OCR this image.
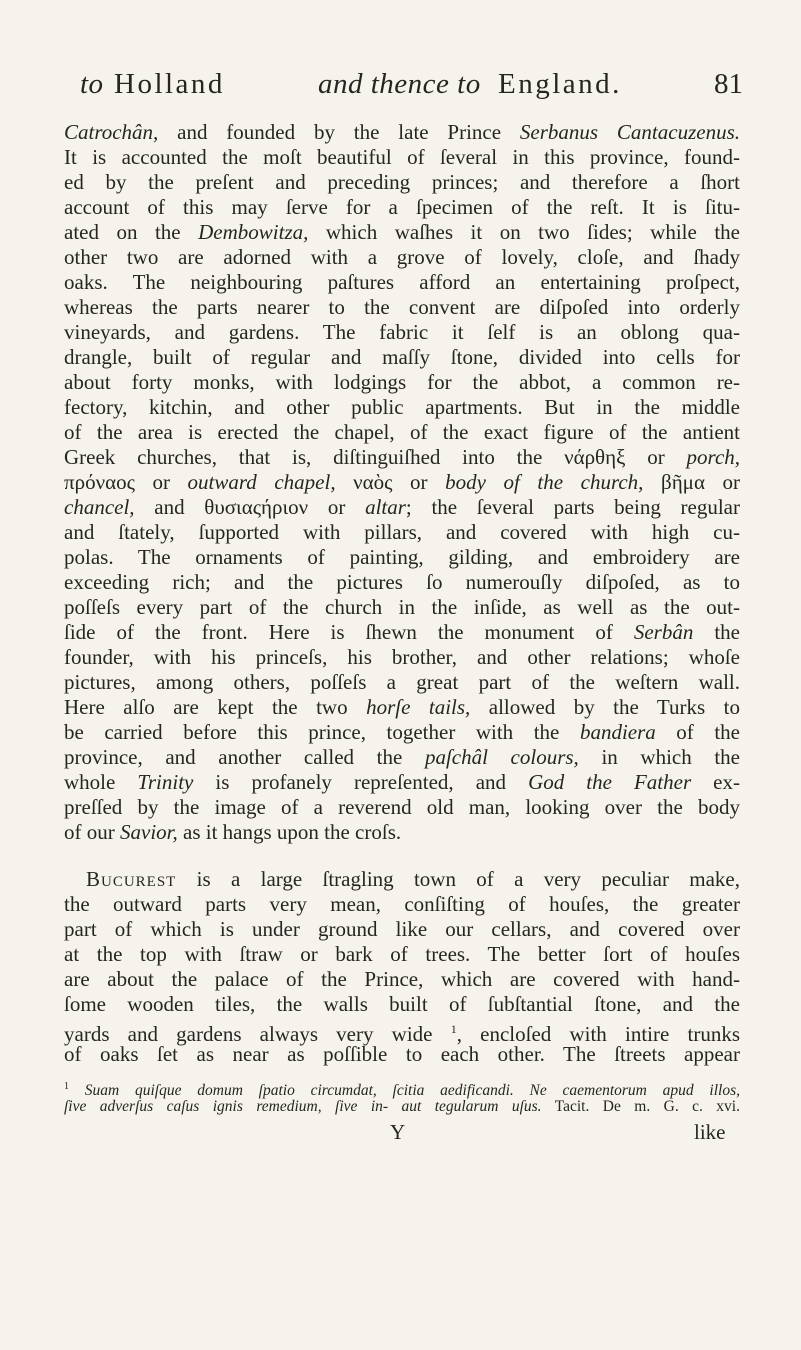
to Holland	and thence to England.	81
Catrochân, and founded by the late Prince Serbanus Cantacuzenus.
It is accounted the moſt beautiful of ſeveral in this province, found-
ed by the preſent and preceding princes; and therefore a ſhort
account of this may ſerve for a ſpecimen of the reſt. It is ſitu-
ated on the Dembowitza, which waſhes it on two ſides; while the
other two are adorned with a grove of lovely, cloſe, and ſhady
oaks. The neighbouring paſtures afford an entertaining proſpect,
whereas the parts nearer to the convent are diſpoſed into orderly
vineyards, and gardens. The fabric it ſelf is an oblong qua-
drangle, built of regular and maſſy ſtone, divided into cells for
about forty monks, with lodgings for the abbot, a common re-
fectory, kitchin, and other public apartments. But in the middle
of the area is erected the chapel, of the exact figure of the antient
Greek churches, that is, diſtinguiſhed into the νάρθηξ or porch,
πρόναος or outward chapel, ναὸς or body of the church, βῆμα or
chancel, and θυσιαςήριον or altar; the ſeveral parts being regular
and ſtately, ſupported with pillars, and covered with high cu-
polas. The ornaments of painting, gilding, and embroidery are
exceeding rich; and the pictures ſo numerouſly diſpoſed, as to
poſſeſs every part of the church in the inſide, as well as the out-
ſide of the front. Here is ſhewn the monument of Serbân the
founder, with his princeſs, his brother, and other relations; whoſe
pictures, among others, poſſeſs a great part of the weſtern wall.
Here alſo are kept the two horſe tails, allowed by the Turks to
be carried before this prince, together with the bandiera of the
province, and another called the paſchâl colours, in which the
whole Trinity is profanely repreſented, and God the Father ex-
preſſed by the image of a reverend old man, looking over the body
of our Savior, as it hangs upon the croſs.
Bucurest is a large ſtragling town of a very peculiar make,
the outward parts very mean, conſiſting of houſes, the greater
part of which is under ground like our cellars, and covered over
at the top with ſtraw or bark of trees. The better ſort of houſes
are about the palace of the Prince, which are covered with hand-
ſome wooden tiles, the walls built of ſubſtantial ſtone, and the
yards and gardens always very wide $^1$, encloſed with intire trunks
of oaks ſet as near as poſſible to each other. The ſtreets appear
$^1$ Suam quiſque domum ſpatio circumdat, ſcitia aedificandi. Ne caementorum apud illos,
ſive adverſus caſus ignis remedium, ſive in- aut tegularum uſus. Tacit. De m. G. c. xvi.
Y	like
